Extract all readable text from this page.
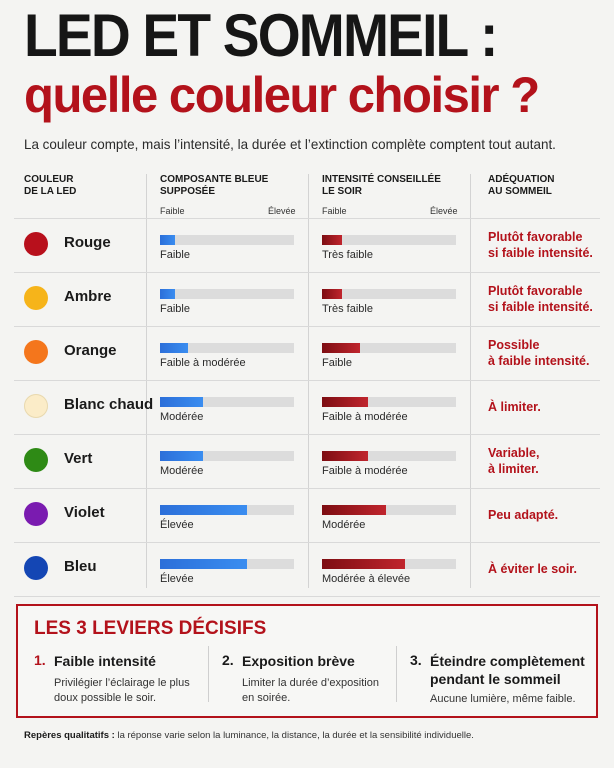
LED ET SOMMEIL :
quelle couleur choisir ?
La couleur compte, mais l’intensité, la durée et l’extinction complète comptent tout autant.
COULEUR
DE LA LED
COMPOSANTE BLEUE
SUPPOSÉE
INTENSITÉ CONSEILLÉE
LE SOIR
ADÉQUATION
AU SOMMEIL
Faible	Élevée	Faible	Élevée
Rouge
Faible	Très faible
Plutôt favorable
si faible intensité.
Ambre
Faible	Très faible
Plutôt favorable
si faible intensité.
Orange
Faible à modérée	Faible
Possible
à faible intensité.
Blanc chaud
Modérée	Faible à modérée
À limiter.
Vert
Modérée	Faible à modérée
Variable,
à limiter.
Violet
Élevée	Modérée
Peu adapté.
Bleu
Élevée	Modérée à élevée
À éviter le soir.
LES 3 LEVIERS DÉCISIFS
1. Faible intensité
Privilégier l’éclairage le plus
doux possible le soir.
2. Exposition brève
Limiter la durée d’exposition
en soirée.
3. Éteindre complètement
pendant le sommeil
Aucune lumière, même faible.
Repères qualitatifs : la réponse varie selon la luminance, la distance, la durée et la sensibilité individuelle.
